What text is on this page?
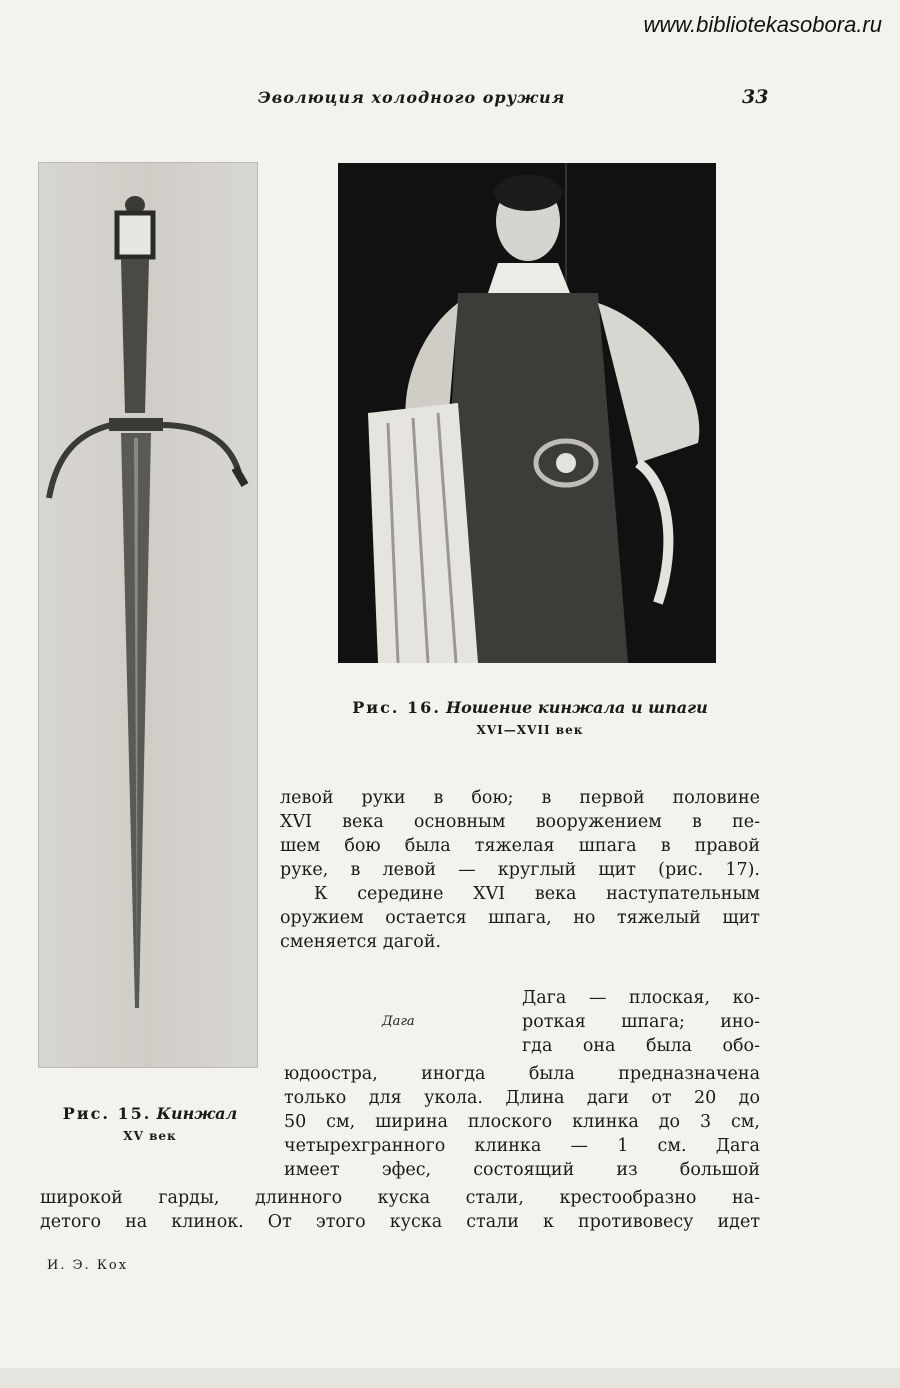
www.bibliotekasobora.ru
Эволюция холодного оружия	33
Рис. 16. Ношение кинжала и шпаги
XVI—XVII век
Рис. 15. Кинжал
XV век
левой руки в бою; в первой половине
XVI века основным вооружением в пе-
шем бою была тяжелая шпага в правой
руке, в левой — круглый щит (рис. 17).
К середине XVI века наступательным
оружием остается шпага, но тяжелый щит
сменяется дагой.
Дага
Дага — плоская, ко-
роткая шпага; ино-
гда она была обо-
юдоостра, иногда была предназначена
только для укола. Длина даги от 20 до
50 см, ширина плоского клинка до 3 см,
четырехгранного клинка — 1 см. Дага
имеет эфес, состоящий из большой
широкой гарды, длинного куска стали, крестообразно на-
детого на клинок. От этого куска стали к противовесу идет
И. Э. Кох
